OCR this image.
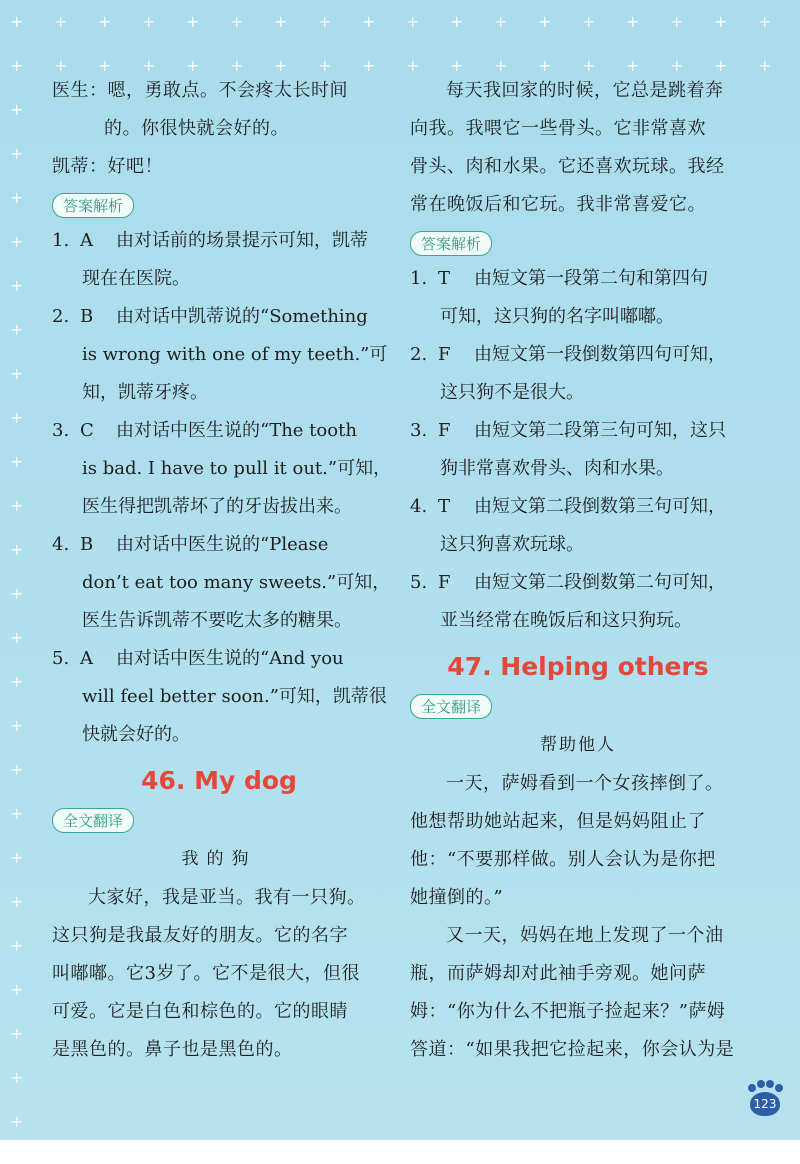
+ + + + + + + + + + + + + + + + + +
+ + + + + + + + + + + + + + + + + +
+
+
+
+
+
+
+
+
+
+
+
+
+
+
+
+
+
+
+
+
+
+
+
+
医生：嗯，勇敢点。不会疼太长时间
的。你很快就会好的。
凯蒂：好吧！
答案解析
1. A	由对话前的场景提示可知，凯蒂
现在在医院。
2. B	由对话中凯蒂说的“Something
is wrong with one of my teeth.”可
知，凯蒂牙疼。
3. C	由对话中医生说的“The tooth
is bad. I have to pull it out.”可知，
医生得把凯蒂坏了的牙齿拔出来。
4. B	由对话中医生说的“Please
don’t eat too many sweets.”可知，
医生告诉凯蒂不要吃太多的糖果。
5. A	由对话中医生说的“And you
will feel better soon.”可知，凯蒂很
快就会好的。
46. My dog
全文翻译
我的狗
大家好，我是亚当。我有一只狗。
这只狗是我最友好的朋友。它的名字
叫嘟嘟。它3岁了。它不是很大，但很
可爱。它是白色和棕色的。它的眼睛
是黑色的。鼻子也是黑色的。
每天我回家的时候，它总是跳着奔
向我。我喂它一些骨头。它非常喜欢
骨头、肉和水果。它还喜欢玩球。我经
常在晚饭后和它玩。我非常喜爱它。
答案解析
1. T	由短文第一段第二句和第四句
可知，这只狗的名字叫嘟嘟。
2. F	由短文第一段倒数第四句可知，
这只狗不是很大。
3. F	由短文第二段第三句可知，这只
狗非常喜欢骨头、肉和水果。
4. T	由短文第二段倒数第三句可知，
这只狗喜欢玩球。
5. F	由短文第二段倒数第二句可知，
亚当经常在晚饭后和这只狗玩。
47. Helping others
全文翻译
帮助他人
一天，萨姆看到一个女孩摔倒了。
他想帮助她站起来，但是妈妈阻止了
他：“不要那样做。别人会认为是你把
她撞倒的。”
又一天，妈妈在地上发现了一个油
瓶，而萨姆却对此袖手旁观。她问萨
姆：“你为什么不把瓶子捡起来？”萨姆
答道：“如果我把它捡起来，你会认为是
123
